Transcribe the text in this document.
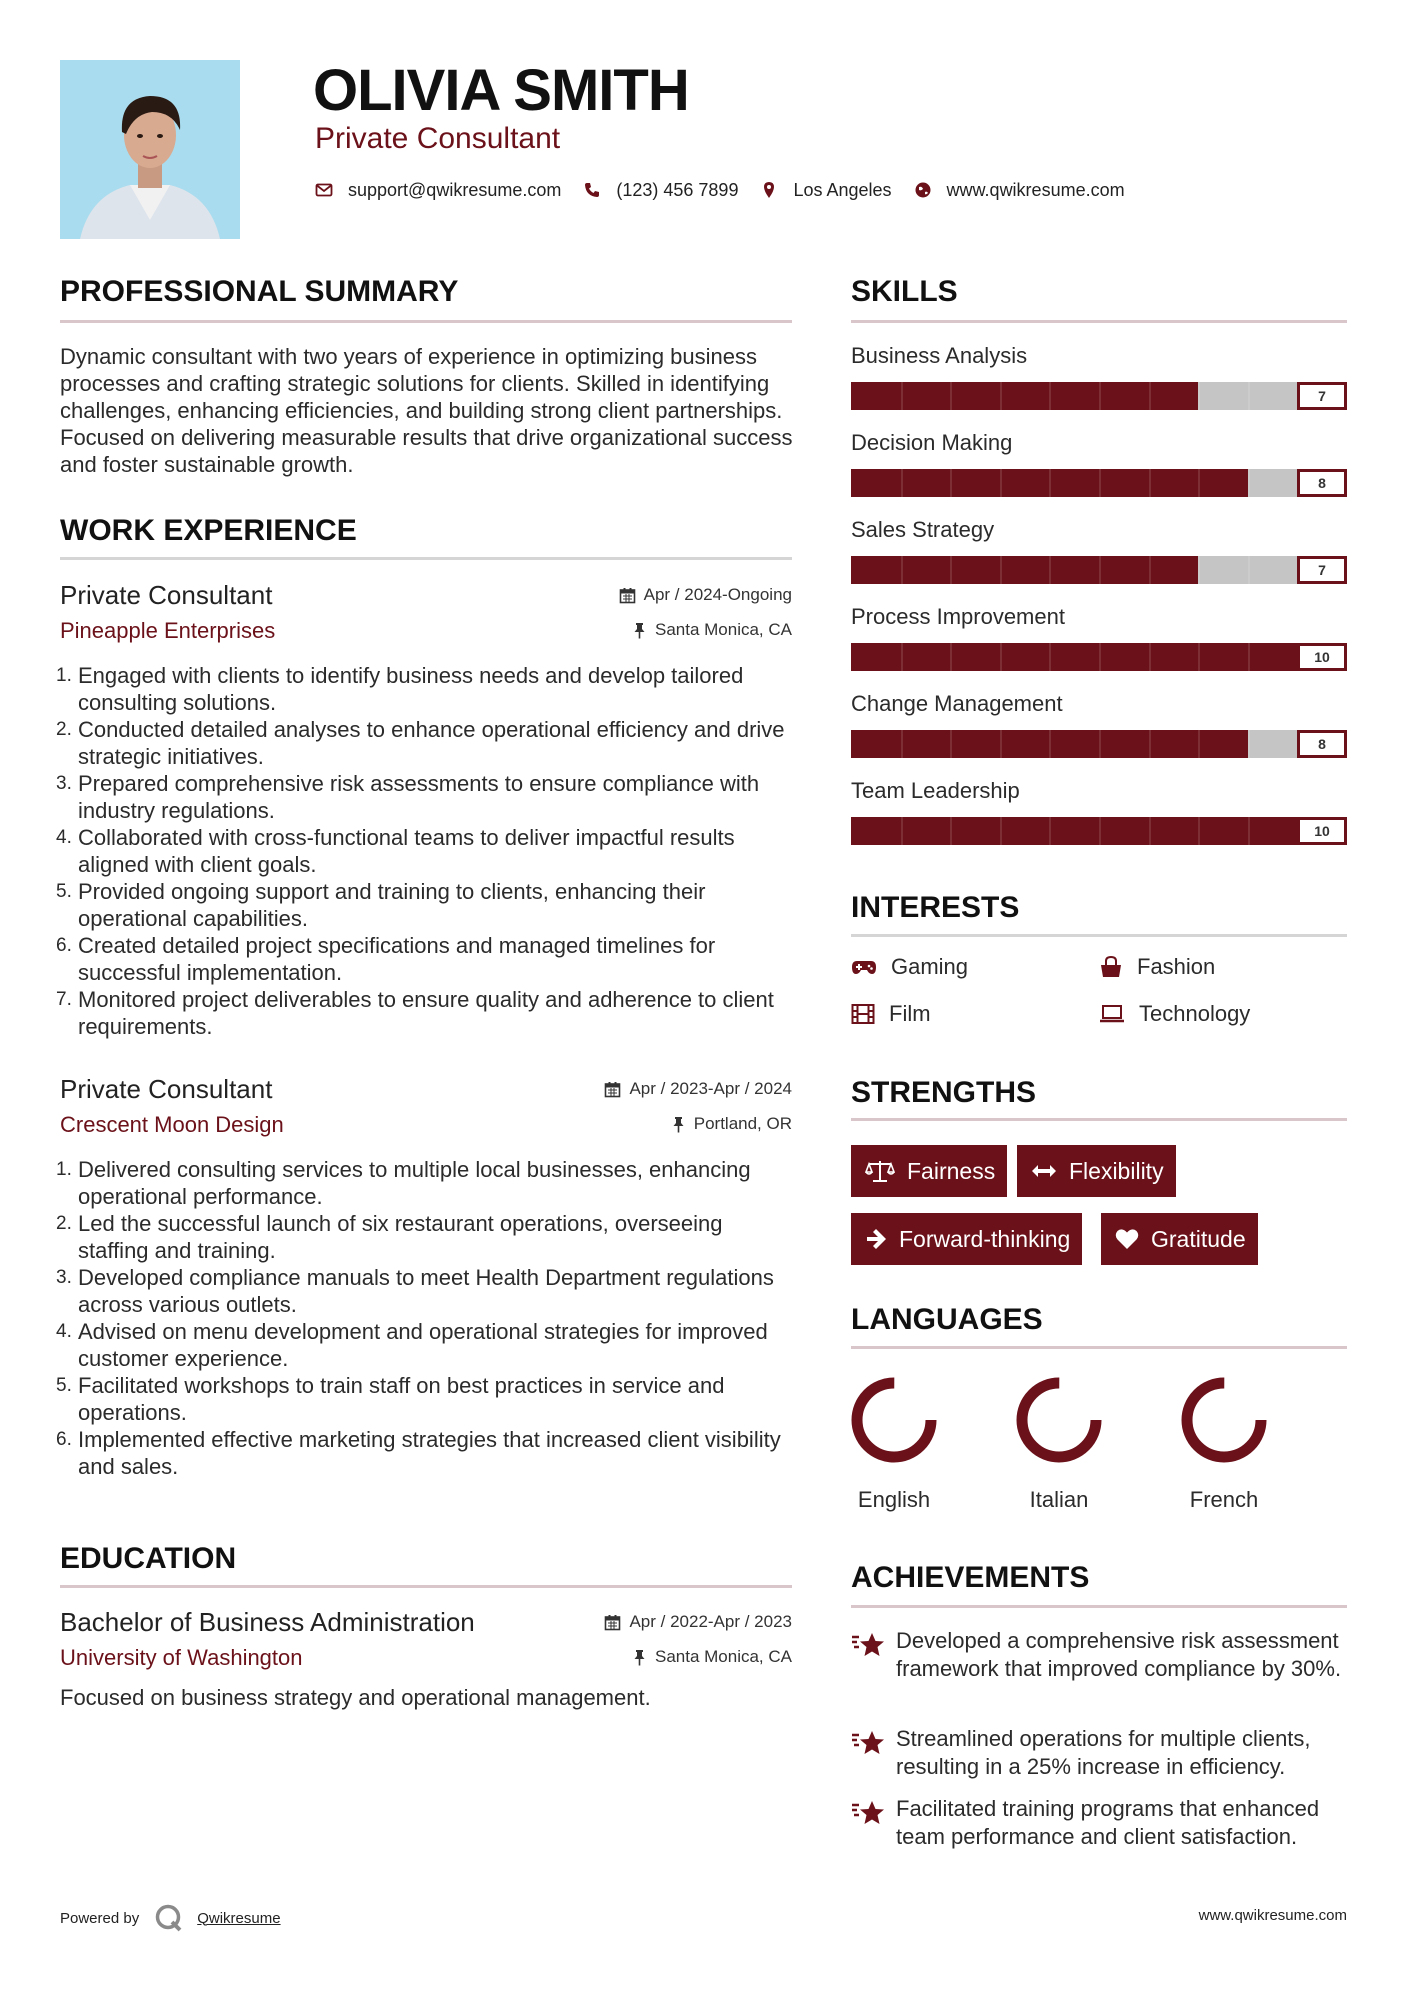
OLIVIA SMITH
Private Consultant
support@qwikresume.com	(123) 456 7899	Los Angeles	www.qwikresume.com
PROFESSIONAL SUMMARY
Dynamic consultant with two years of experience in optimizing business processes and crafting strategic solutions for clients. Skilled in identifying challenges, enhancing efficiencies, and building strong client partnerships. Focused on delivering measurable results that drive organizational success and foster sustainable growth.
WORK EXPERIENCE
Private Consultant
Pineapple Enterprises
Apr / 2024-Ongoing
Santa Monica, CA
1. Engaged with clients to identify business needs and develop tailored consulting solutions.
2. Conducted detailed analyses to enhance operational efficiency and drive strategic initiatives.
3. Prepared comprehensive risk assessments to ensure compliance with industry regulations.
4. Collaborated with cross-functional teams to deliver impactful results aligned with client goals.
5. Provided ongoing support and training to clients, enhancing their operational capabilities.
6. Created detailed project specifications and managed timelines for successful implementation.
7. Monitored project deliverables to ensure quality and adherence to client requirements.
Private Consultant
Crescent Moon Design
Apr / 2023-Apr / 2024
Portland, OR
1. Delivered consulting services to multiple local businesses, enhancing operational performance.
2. Led the successful launch of six restaurant operations, overseeing staffing and training.
3. Developed compliance manuals to meet Health Department regulations across various outlets.
4. Advised on menu development and operational strategies for improved customer experience.
5. Facilitated workshops to train staff on best practices in service and operations.
6. Implemented effective marketing strategies that increased client visibility and sales.
EDUCATION
Bachelor of Business Administration
University of Washington
Apr / 2022-Apr / 2023
Santa Monica, CA
Focused on business strategy and operational management.
SKILLS
Business Analysis
7
Decision Making
8
Sales Strategy
7
Process Improvement
10
Change Management
8
Team Leadership
10
INTERESTS
Gaming	Fashion
Film	Technology
STRENGTHS
Fairness	Flexibility
Forward-thinking	Gratitude
LANGUAGES
English	Italian	French
ACHIEVEMENTS
Developed a comprehensive risk assessment framework that improved compliance by 30%.
Streamlined operations for multiple clients, resulting in a 25% increase in efficiency.
Facilitated training programs that enhanced team performance and client satisfaction.
Powered by	Qwikresume	www.qwikresume.com
